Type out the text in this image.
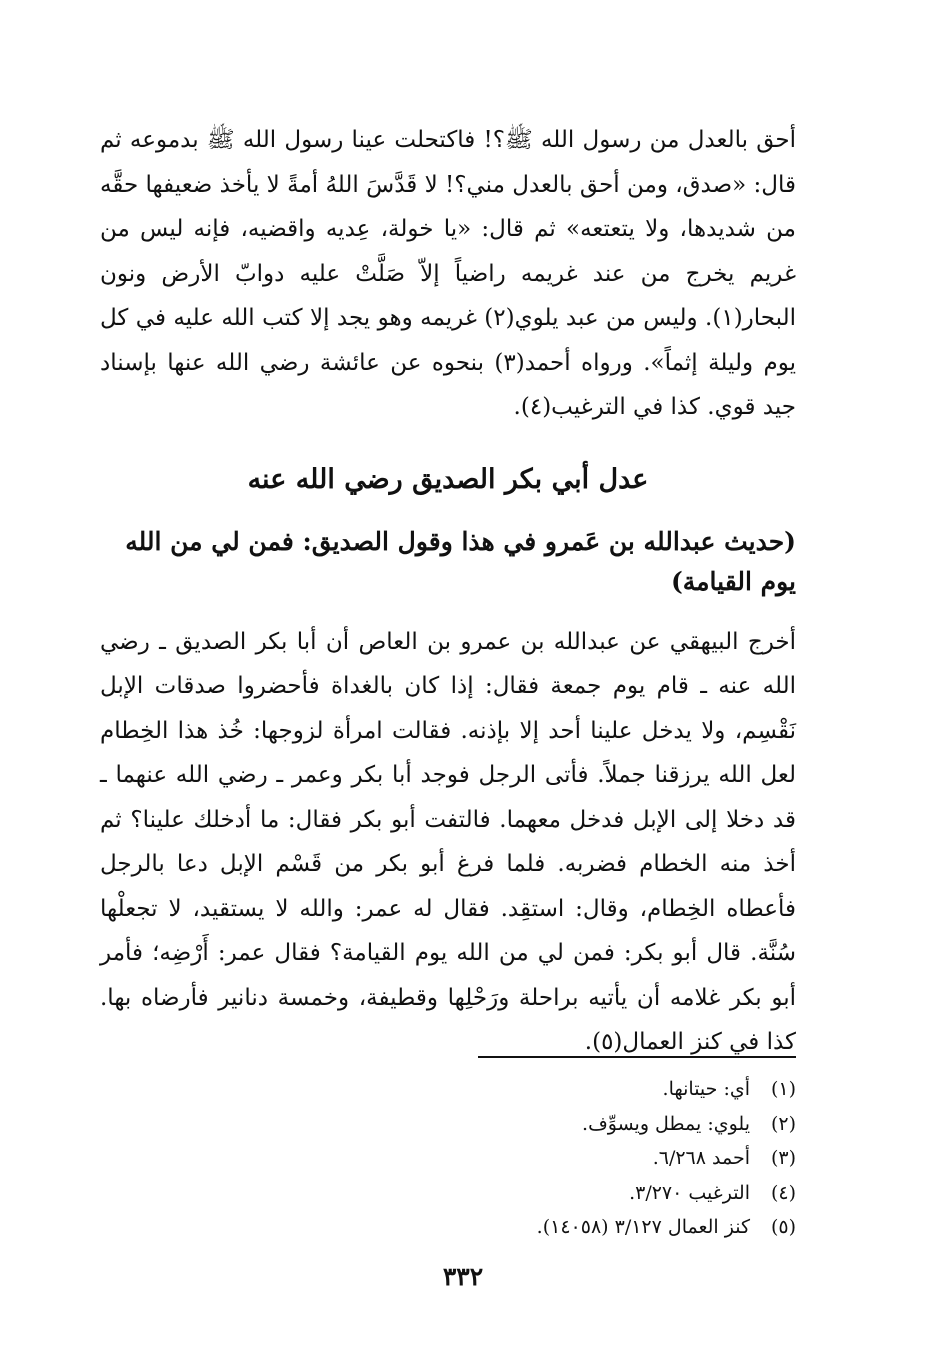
أحق بالعدل من رسول الله ﷺ؟! فاكتحلت عينا رسول الله ﷺ بدموعه ثم قال: «صدق، ومن أحق بالعدل مني؟! لا قَدَّسَ اللهُ أمةً لا يأخذ ضعيفها حقَّه من شديدها، ولا يتعتعه» ثم قال: «يا خولة، عِديه واقضيه، فإنه ليس من غريم يخرج من عند غريمه راضياً إلاّ صَلَّتْ عليه دوابّ الأرض ونون البحار(١). وليس من عبد يلوي(٢) غريمه وهو يجد إلا كتب الله عليه في كل يوم وليلة إثماً». ورواه أحمد(٣) بنحوه عن عائشة رضي الله عنها بإسناد جيد قوي. كذا في الترغيب(٤).

عدل أبي بكر الصديق رضي الله عنه
(حديث عبدالله بن عَمرو في هذا وقول الصديق: فمن لي من الله يوم القيامة)

أخرج البيهقي عن عبدالله بن عمرو بن العاص أن أبا بكر الصديق ـ رضي الله عنه ـ قام يوم جمعة فقال: إذا كان بالغداة فأحضروا صدقات الإبل نَقْسِم، ولا يدخل علينا أحد إلا بإذنه. فقالت امرأة لزوجها: خُذ هذا الخِطام لعل الله يرزقنا جملاً. فأتى الرجل فوجد أبا بكر وعمر ـ رضي الله عنهما ـ قد دخلا إلى الإبل فدخل معهما. فالتفت أبو بكر فقال: ما أدخلك علينا؟ ثم أخذ منه الخطام فضربه. فلما فرغ أبو بكر من قَسْم الإبل دعا بالرجل فأعطاه الخِطام، وقال: استقِد. فقال له عمر: والله لا يستقيد، لا تجعلْها سُنَّة. قال أبو بكر: فمن لي من الله يوم القيامة؟ فقال عمر: أَرْضِه؛ فأمر أبو بكر غلامه أن يأتيه براحلة ورَحْلِها وقطيفة، وخمسة دنانير فأرضاه بها. كذا في كنز العمال(٥).

(١)
أي: حيتانها.
(٢)
يلوي: يمطل ويسوِّف.
(٣)
أحمد ٦/٢٦٨.
(٤)
الترغيب ٣/٢٧٠.
(٥)
كنز العمال ٣/١٢٧ (١٤٠٥٨).
٣٣٢
